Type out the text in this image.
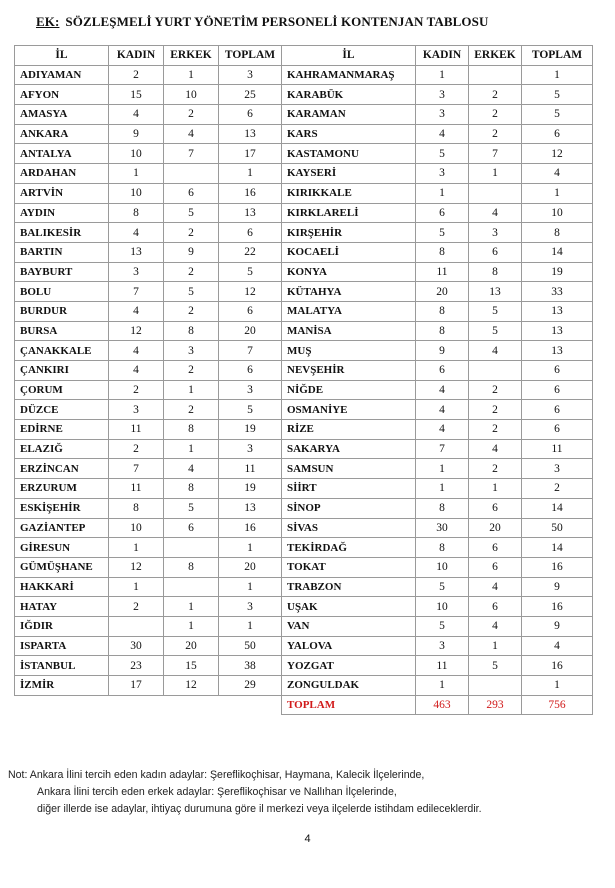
EK: SÖZLEŞMELİ YURT YÖNETİM PERSONELİ KONTENJAN TABLOSU
İL	KADIN	ERKEK	TOPLAM	İL	KADIN	ERKEK	TOPLAM
ADIYAMAN	2	1	3	KAHRAMANMARAŞ	1		1
AFYON	15	10	25	KARABÜK	3	2	5
AMASYA	4	2	6	KARAMAN	3	2	5
ANKARA	9	4	13	KARS	4	2	6
ANTALYA	10	7	17	KASTAMONU	5	7	12
ARDAHAN	1		1	KAYSERİ	3	1	4
ARTVİN	10	6	16	KIRIKKALE	1		1
AYDIN	8	5	13	KIRKLARELİ	6	4	10
BALIKESİR	4	2	6	KIRŞEHİR	5	3	8
BARTIN	13	9	22	KOCAELİ	8	6	14
BAYBURT	3	2	5	KONYA	11	8	19
BOLU	7	5	12	KÜTAHYA	20	13	33
BURDUR	4	2	6	MALATYA	8	5	13
BURSA	12	8	20	MANİSA	8	5	13
ÇANAKKALE	4	3	7	MUŞ	9	4	13
ÇANKIRI	4	2	6	NEVŞEHİR	6		6
ÇORUM	2	1	3	NİĞDE	4	2	6
DÜZCE	3	2	5	OSMANİYE	4	2	6
EDİRNE	11	8	19	RİZE	4	2	6
ELAZIĞ	2	1	3	SAKARYA	7	4	11
ERZİNCAN	7	4	11	SAMSUN	1	2	3
ERZURUM	11	8	19	SİİRT	1	1	2
ESKİŞEHİR	8	5	13	SİNOP	8	6	14
GAZİANTEP	10	6	16	SİVAS	30	20	50
GİRESUN	1		1	TEKİRDAĞ	8	6	14
GÜMÜŞHANE	12	8	20	TOKAT	10	6	16
HAKKARİ	1		1	TRABZON	5	4	9
HATAY	2	1	3	UŞAK	10	6	16
IĞDIR		1	1	VAN	5	4	9
ISPARTA	30	20	50	YALOVA	3	1	4
İSTANBUL	23	15	38	YOZGAT	11	5	16
İZMİR	17	12	29	ZONGULDAK	1		1
				TOPLAM	463	293	756
Not: Ankara İlini tercih eden kadın adaylar: Şereflikoçhisar, Haymana, Kalecik İlçelerinde,
Ankara İlini tercih eden erkek adaylar: Şereflikoçhisar ve Nallıhan İlçelerinde,
diğer illerde ise adaylar, ihtiyaç durumuna göre il merkezi veya ilçelerde istihdam edileceklerdir.
4
